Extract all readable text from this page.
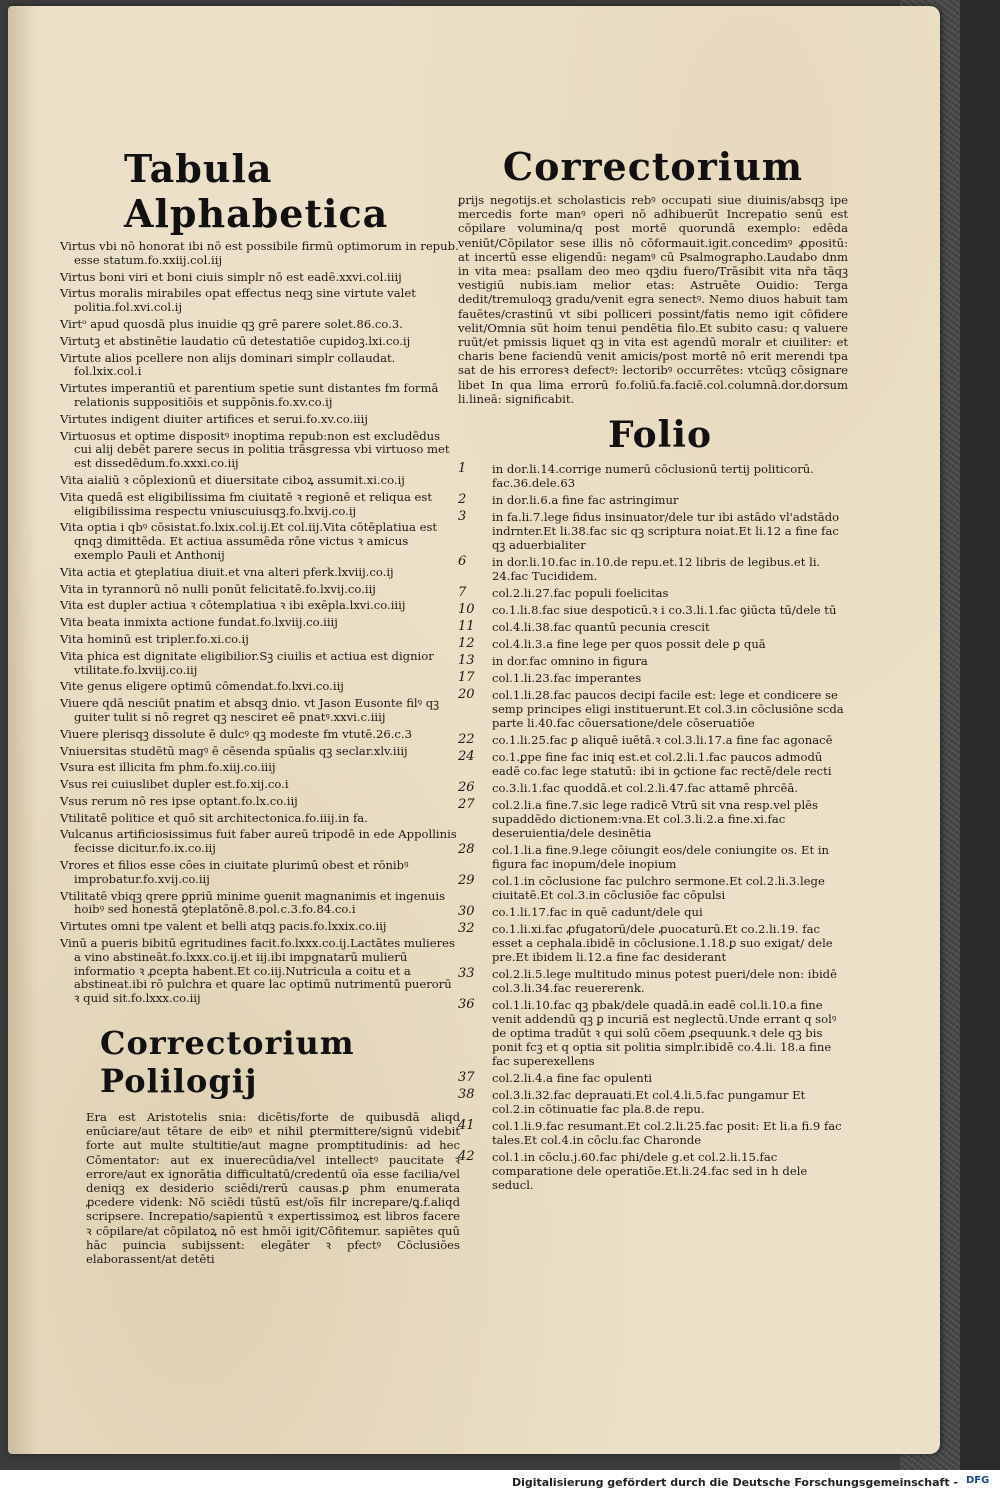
Tabula Alphabetica
Virtus vbi nō honorat ibi nō est possibile firmū optimorum in repub. esse statum.fo.xxiij.col.iij
Virtus boni viri et boni ciuis simplr nō est eadē.xxvi.col.iiij
Virtus moralis mirabiles opat effectus neqꝫ sine virtute valet politia.fol.xvi.col.ij
Virtᵒ apud quosdā plus inuidie qꝫ grē parere solet.86.co.3.
Virtutꝫ et abstinētie laudatio cū detestatiōe cupidoꝫ.lxi.co.ij
Virtute alios pcellere non alijs dominari simplr collaudat. fol.lxix.col.i
Virtutes imperantiū et parentium spetie sunt distantes fm formā relationis suppositiōis et suppōnis.fo.xv.co.ij
Virtutes indigent diuiter artifices et serui.fo.xv.co.iiij
Virtuosus et optime dispositꝰ inoptima repub:non est excludēdus cui alij debēt parere secus in politia trāsgressa vbi virtuoso met est dissedēdum.fo.xxxi.co.iij
Vita aialiū ꝛ cōplexionū et diuersitate ciboꝝ assumit.xi.co.ij
Vita quedā est eligibilissima fm ciuitatē ꝛ regionē et reliqua est eligibilissima respectu vniuscuiusqꝫ.fo.lxvij.co.ij
Vita optia i qbꝰ cōsistat.fo.lxix.col.ij.Et col.iij.Vita cōtēplatiua est qnqꝫ dimittēda. Et actiua assumēda rōne victus ꝛ amicus exemplo Pauli et Anthonij
Vita actia et ꝯteplatiua diuit.et vna alteri pferk.lxviij.co.ij
Vita in tyrannorū nō nulli ponūt felicitatē.fo.lxvij.co.iij
Vita est dupler actiua ꝛ cōtemplatiua ꝛ ibi exēpla.lxvi.co.iiij
Vita beata inmixta actione fundat.fo.lxviij.co.iiij
Vita hominū est tripler.fo.xi.co.ij
Vita phica est dignitate eligibilior.Sꝫ ciuilis et actiua est dignior vtilitate.fo.lxviij.co.iij
Vite genus eligere optimū cōmendat.fo.lxvi.co.iij
Viuere qdā nesciūt pnatim et absqꝫ dnio. vt Jason Eusonte filꝰ qꝫ guiter tulit si nō regret qꝫ nesciret eē pnatꝰ.xxvi.c.iiij
Viuere plerisqꝫ dissolute ē dulcꝰ qꝫ modeste fm vtutē.26.c.3
Vniuersitas studētū magꝰ ē cēsenda spūalis qꝫ seclar.xlv.iiij
Vsura est illicita fm phm.fo.xiij.co.iiij
Vsus rei cuiuslibet dupler est.fo.xij.co.i
Vsus rerum nō res ipse optant.fo.lx.co.iij
Vtilitatē politice et quō sit architectonica.fo.iiij.in fa.
Vulcanus artificiosissimus fuit faber aureū tripodē in ede Appollinis fecisse dicitur.fo.ix.co.iij
Vrores et filios esse cōes in ciuitate plurimū obest et rōnibꝰ improbatur.fo.xvij.co.iij
Vtilitatē vbiqꝫ qrere ꝑpriū minime ꝯuenit magnanimis et ingenuis hoibꝰ sed honestā ꝯteplatōnē.8.pol.c.3.fo.84.co.i
Virtutes omni tpe valent et belli atqꝫ pacis.fo.lxxix.co.iij
Vinū a pueris bibitū egritudines facit.fo.lxxx.co.ij.Lactātes mulieres a vino abstineāt.fo.lxxx.co.ij.et iij.ibi impgnatarū mulierū informatio ꝛ ꝓcepta habent.Et co.iij.Nutricula a coitu et a abstineat.ibi rō pulchra et quare lac optimū nutrimentū puerorū ꝛ quid sit.fo.lxxx.co.iij
Correctorium Polilogij

Era est Aristotelis snia: dicētis/forte de quibusdā aliqd enūciare/aut tētare de eibꝰ et nihil ꝑtermittere/signū videbit forte aut multe stultitie/aut magne promptitudinis: ad hec Cōmentator: aut ex inuerecūdia/vel intellectꝰ paucitate ꝛ errore/aut ex ignorātia difficultatū/credentū oīa esse facilia/vel deniqꝫ ex desiderio sciēdi/rerū causas.ꝑ phm enumerata ꝓcedere videnk: Nō sciēdi tūstū est/oīs filr increpare/ꝗ.f.aliqd scripsere. Increpatio/sapientū ꝛ expertissimoꝝ est libros facere ꝛ cōpilare/at cōpilatoꝝ nō est hmōi igit/Cōfitemur. sapiētes quū hāc puincia subijssent: elegāter ꝛ pfectꝰ Cōclusiōes elaborassent/at detēti

Correctorium

ꝑrijs negotijs.et scholasticis rebꝰ occupati siue diuinis/absqꝫ ipe mercedis forte manꝰ operi nō adhibuerūt Increpatio senū est cōpilare volumina/q post mortē quorundā exemplo: edēda veniūt/Cōpilator sese illis nō cōformauit.igit.concedimꝰ ꝓpositū: at incertū esse eligendū: negamꝰ cū Psalmographo.Laudabo dnm in vita mea: psallam deo meo qꝫdiu fuero/Trāsibit vita nr̄a tāqꝫ vestigiū nubis.iam melior etas: Astruēte Ouidio: Terga dedit/tremuloqꝫ gradu/venit egra senectꝰ. Nemo diuos habuit tam fauētes/crastinū vt sibi polliceri possint/fatis nemo igit cōfidere velit/Omnia sūt hoim tenui pendētia filo.Et subito casu: q valuere ruūt/et pmissis liquet qꝫ in vita est agendū moralr et ciuiliter: et charis bene faciendū venit amicis/post mortē nō erit merendi tpa sat de his erroresꝛ defectꝰ: lectoribꝰ occurrētes: vtcūqꝫ cōsignare libet In qua lima errorū fo.foliū.fa.faciē.col.columnā.dor.dorsum li.lineā: significabit.

Folio
1	in dor.li.14.corrige numerū cōclusionū tertij politicorū. fac.36.dele.63
2	in dor.li.6.a fine fac astringimur
3	in fa.li.7.lege fidus insinuator/dele tur ibi astādo vl'adstādo indrnter.Et li.38.fac sic qꝫ scriptura noiat.Et li.12 a fine fac qꝫ aduerbialiter
6	in dor.li.10.fac in.10.de repu.et.12 libris de legibus.et li. 24.fac Tucididem.
7	col.2.li.27.fac populi foelicitas
10	co.1.li.8.fac siue despoticū.ꝛ i co.3.li.1.fac ꝯiūcta tū/dele tū
11	col.4.li.38.fac quantū pecunia crescit
12	col.4.li.3.a fine lege per quos possit dele ꝑ quā
13	in dor.fac omnino in figura
17	col.1.li.23.fac imperantes
20	col.1.li.28.fac paucos decipi facile est: lege et condicere se semp principes eligi instituerunt.Et col.3.in cōclusiōne scda parte li.40.fac cōuersatione/dele cōseruatiōe
22	co.1.li.25.fac ꝑ aliquē iuētā.ꝛ col.3.li.17.a fine fac agonacē
24	co.1.ꝑpe fine fac iniq est.et col.2.li.1.fac paucos admodū eadē co.fac lege statutū: ibi in ꝯctione fac rectē/dele recti
26	co.3.li.1.fac quoddā.et col.2.li.47.fac attamē phrcēā.
27	col.2.li.a fine.7.sic lege radicē Vtrū sit vna resp.vel plēs supaddēdo dictionem:vna.Et col.3.li.2.a fine.xi.fac deseruientia/dele desinētia
28	col.1.li.a fine.9.lege cōiungit eos/dele coniungite os. Et in figura fac inopum/dele inopium
29	col.1.in cōclusione fac pulchro sermone.Et col.2.li.3.lege ciuitatē.Et col.3.in cōclusiōe fac cōpulsi
30	co.1.li.17.fac in quē cadunt/dele qui
32	co.1.li.xi.fac ꝓfugatorū/dele ꝓuocaturū.Et co.2.li.19. fac esset a cephala.ibidē in cōclusione.1.18.ꝑ suo exigat/ dele pre.Et ibidem li.12.a fine fac desiderant
33	col.2.li.5.lege multitudo minus potest pueri/dele non: ibidē col.3.li.34.fac reuererenk.
36	col.1.li.10.fac qꝫ pbak/dele quadā.in eadē col.li.10.a fine venit addendū qꝫ ꝑ incuriā est neglectū.Unde errant q solꝰ de optima tradūt ꝛ qui solū cōem ꝓsequunk.ꝛ dele qꝫ bis ponit fcꝫ et q optia sit politia simplr.ibidē co.4.li. 18.a fine fac superexellens
37	col.2.li.4.a fine fac opulenti
38	col.3.li.32.fac deprauati.Et col.4.li.5.fac pungamur Et col.2.in cōtinuatie fac pla.8.de repu.
41	col.1.li.9.fac resumant.Et col.2.li.25.fac posit: Et li.a fi.9 fac tales.Et col.4.in cōclu.fac Charonde
42	col.1.in cōclu.j.60.fac phi/dele g.et col.2.li.15.fac comparatione dele operatiōe.Et.li.24.fac sed in h dele seducl.
Digitalisierung gefördert durch die Deutsche Forschungsgemeinschaft - DFG
